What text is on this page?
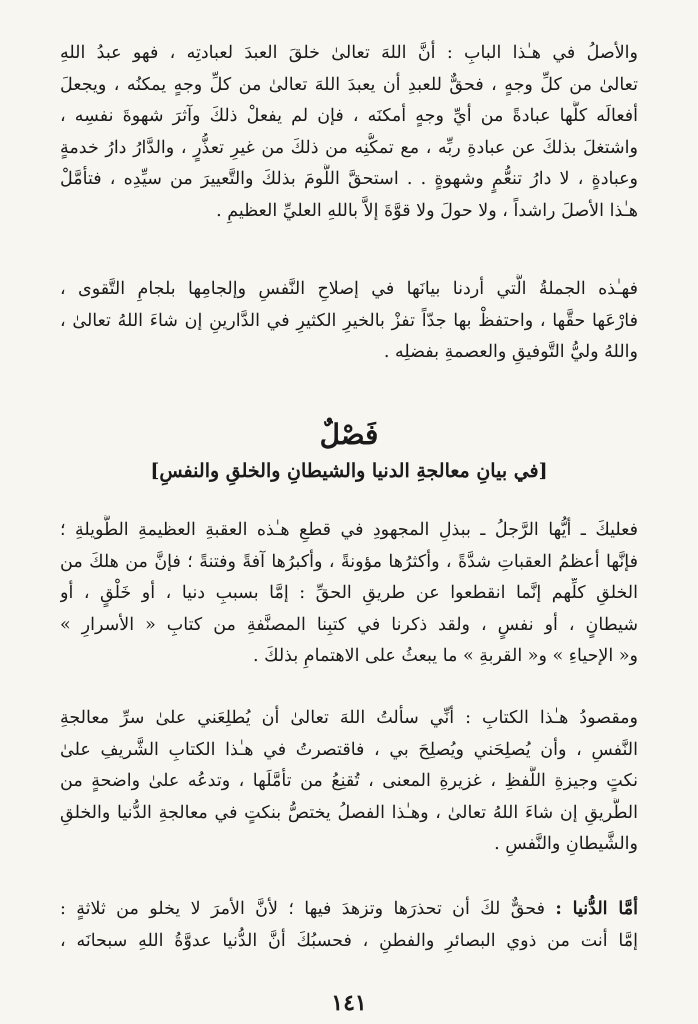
والأصلُ في هـٰذا البابِ : أنَّ اللهَ تعالىٰ خلقَ العبدَ لعبادتِه ، فهو عبدُ اللهِ
تعالىٰ من كلِّ وجهٍ ، فحقٌّ للعبدِ أن يعبدَ اللهَ تعالىٰ من كلِّ وجهٍ يمكنُه ، ويجعلَ
أفعالَه كلَّها عبادةً من أيِّ وجهٍ أمكنَه ، فإن لم يفعلْ ذلكَ وآثرَ شهوةَ نفسِه ،
واشتغلَ بذلكَ عن عبادةِ ربِّه ، مع تمكُّنِه من ذلكَ من غيرِ تعذُّرٍ ، والدَّارُ دارُ خدمةٍ
وعبادةٍ ، لا دارُ تنعُّمٍ وشهوةٍ . . استحقَّ اللَّومَ بذلكَ والتَّعييرَ من سيِّدِه ، فتأمَّلْ
هـٰذا الأصلَ راشداً ، ولا حولَ ولا قوَّةَ إلاَّ باللهِ العليِّ العظيمِ .
فهـٰذه الجملةُ الَّتي أردنا بيانَها في إصلاحِ النَّفسِ وإلجامِها بلجامِ التَّقوى ،
فارْعَها حقَّها ، واحتفظْ بها جدّاً تفزْ بالخيرِ الكثيرِ في الدَّارينِ إن شاءَ اللهُ تعالىٰ ،
واللهُ وليُّ التَّوفيقِ والعصمةِ بفضلِه .
فَصْلٌ
[في بيانِ معالجةِ الدنيا والشيطانِ والخلقِ والنفسِ]
فعليكَ ـ أيُّها الرَّجلُ ـ ببذلِ المجهودِ في قطعِ هـٰذه العقبةِ العظيمةِ الطَّويلةِ ؛
فإنَّها أعظمُ العقباتِ شدَّةً ، وأكثرُها مؤونةً ، وأكبرُها آفةً وفتنةً ؛ فإنَّ من هلكَ من
الخلقِ كلِّهم إنَّما انقطعوا عن طريقِ الحقِّ : إمَّا بسببِ دنيا ، أو خَلْقٍ ، أو
شيطانٍ ، أو نفسٍ ، ولقد ذكرنا في كتبِنا المصنَّفةِ من كتابِ « الأسرارِ »
و« الإحياءِ » و« القربةِ » ما يبعثُ على الاهتمامِ بذلكَ .
ومقصودُ هـٰذا الكتابِ : أنِّي سألتُ اللهَ تعالىٰ أن يُطلِعَني علىٰ سرِّ معالجةِ
النَّفسِ ، وأن يُصلِحَني ويُصلِحَ بي ، فاقتصرتُ في هـٰذا الكتابِ الشَّريفِ علىٰ
نكتٍ وجيزةِ اللَّفظِ ، غزيرةِ المعنى ، تُقنِعُ من تأمَّلَها ، وتدعُه علىٰ واضحةٍ من
الطَّريقِ إن شاءَ اللهُ تعالىٰ ، وهـٰذا الفصلُ يختصُّ بنكتٍ في معالجةِ الدُّنيا والخلقِ
والشَّيطانِ والنَّفسِ .
أمَّا الدُّنيا : فحقٌّ لكَ أن تحذرَها وتزهدَ فيها ؛ لأنَّ الأمرَ لا يخلو من ثلاثةٍ :
إمَّا أنت من ذوي البصائرِ والفطنِ ، فحسبُكَ أنَّ الدُّنيا عدوَّةُ اللهِ سبحانَه ،
١٤١
